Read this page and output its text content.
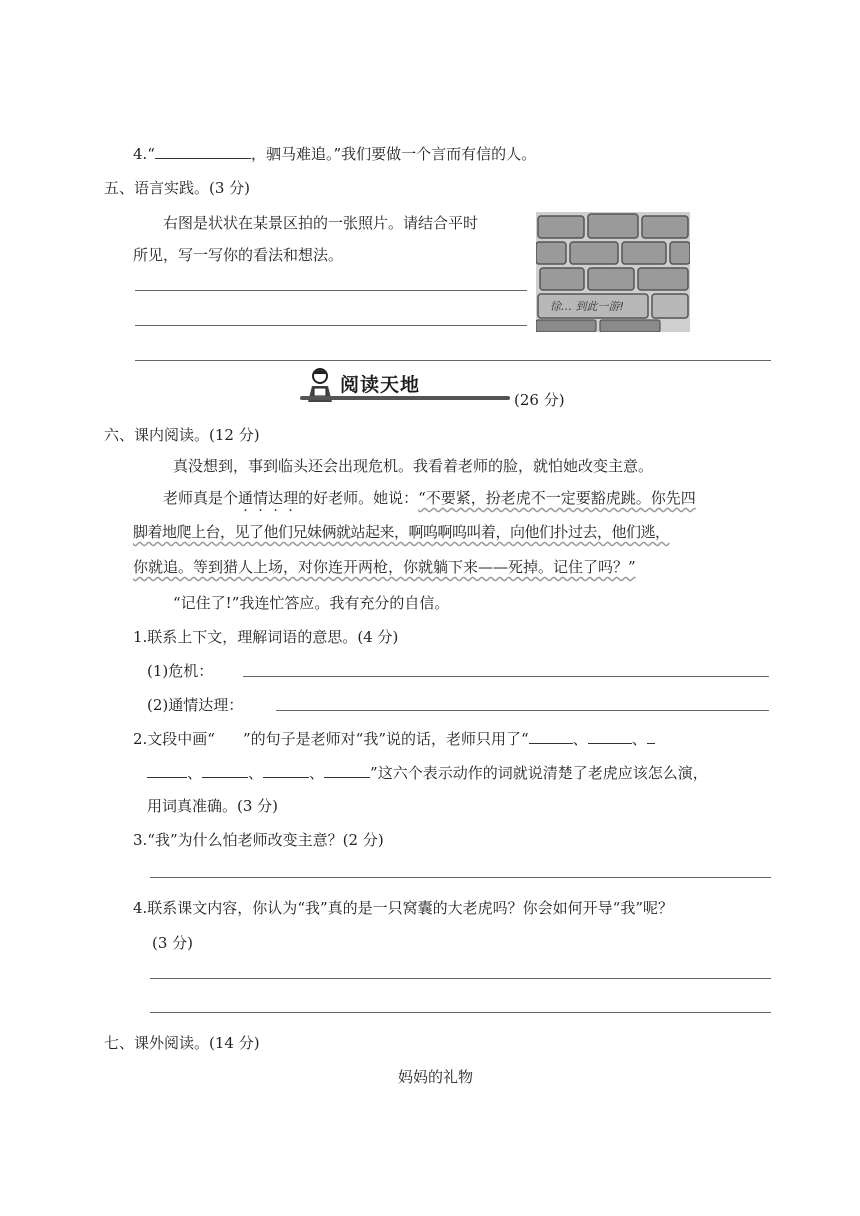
4.“	，驷马难追。”我们要做一个言而有信的人。
五、语言实践。(3 分)
右图是状状在某景区拍的一张照片。请结合平时
所见，写一写你的看法和想法。
徐… 到此一游!
阅读天地
(26 分)
六、课内阅读。(12 分)
真没想到，事到临头还会出现危机。我看着老师的脸，就怕她改变主意。
老师真是个通情达理的好老师。她说：“不要紧，扮老虎不一定要豁虎跳。你先四
脚着地爬上台，见了他们兄妹俩就站起来，啊呜啊呜叫着，向他们扑过去，他们逃，
你就追。等到猎人上场，对你连开两枪，你就躺下来——死掉。记住了吗？”
“记住了!”我连忙答应。我有充分的自信。
1.联系上下文，理解词语的意思。(4 分)
(1)危机：
(2)通情达理：
2.文段中画“ ”的句子是老师对“我”说的话，老师只用了“	、	、
、	、	、	”这六个表示动作的词就说清楚了老虎应该怎么演，
用词真准确。(3 分)
3.“我”为什么怕老师改变主意？(2 分)
4.联系课文内容，你认为“我”真的是一只窝囊的大老虎吗？你会如何开导“我”呢？
(3 分)
七、课外阅读。(14 分)
妈妈的礼物
